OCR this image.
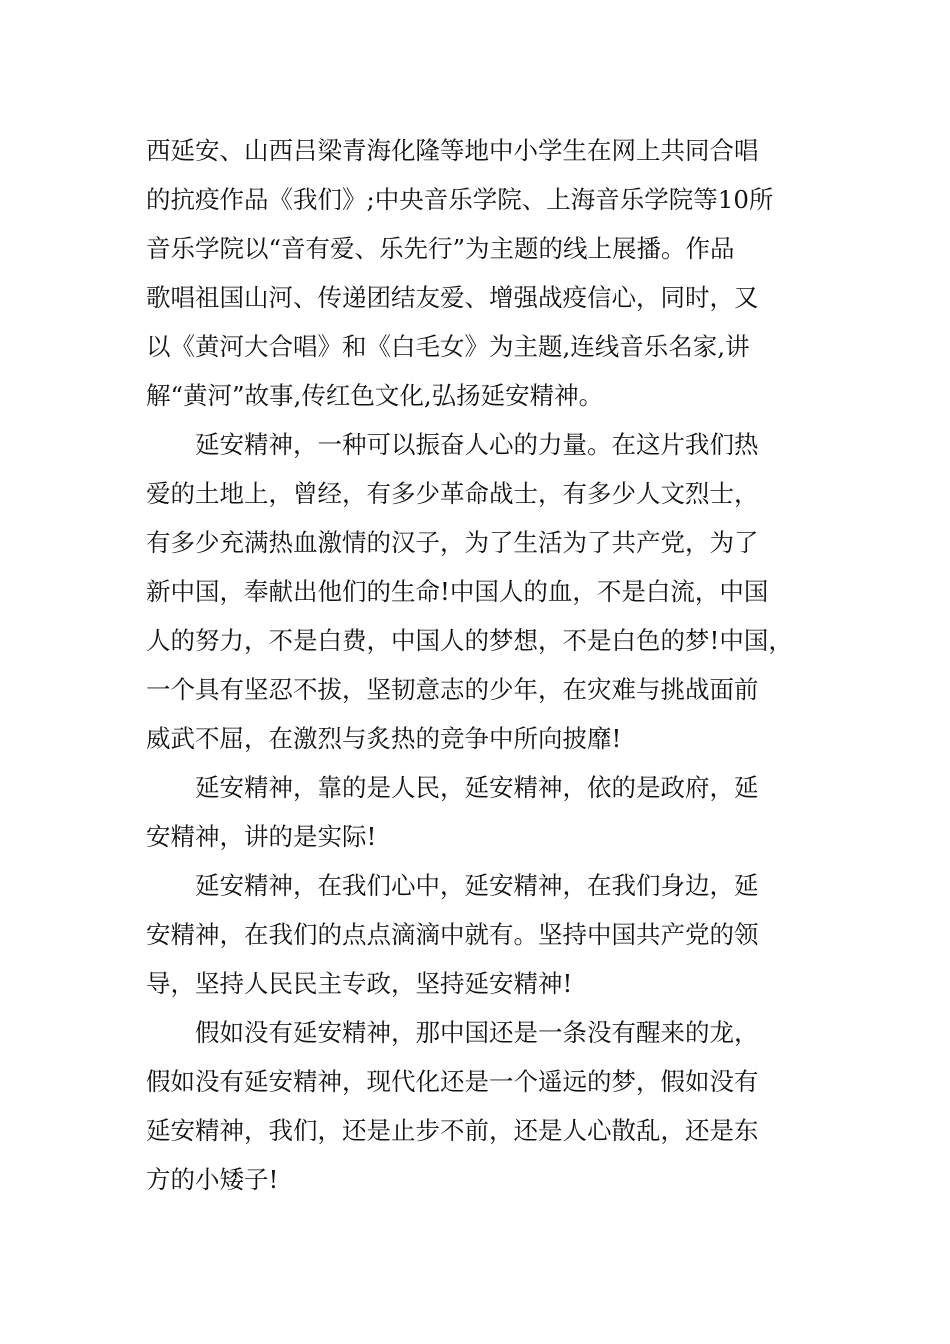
西延安、山西吕梁青海化隆等地中小学生在网上共同合唱
的抗疫作品《我们》;中央音乐学院、上海音乐学院等10所
音乐学院以“音有爱、乐先行”为主题的线上展播。作品
歌唱祖国山河、传递团结友爱、增强战疫信心，同时，又
以《黄河大合唱》和《白毛女》为主题,连线音乐名家,讲
解“黄河”故事,传红色文化,弘扬延安精神。
　　延安精神，一种可以振奋人心的力量。在这片我们热
爱的土地上，曾经，有多少革命战士，有多少人文烈士，
有多少充满热血激情的汉子，为了生活为了共产党，为了
新中国，奉献出他们的生命!中国人的血，不是白流，中国
人的努力，不是白费，中国人的梦想，不是白色的梦!中国，
一个具有坚忍不拔，坚韧意志的少年，在灾难与挑战面前
威武不屈，在激烈与炙热的竞争中所向披靡!
　　延安精神，靠的是人民，延安精神，依的是政府，延
安精神，讲的是实际!
　　延安精神，在我们心中，延安精神，在我们身边，延
安精神，在我们的点点滴滴中就有。坚持中国共产党的领
导，坚持人民民主专政，坚持延安精神!
　　假如没有延安精神，那中国还是一条没有醒来的龙，
假如没有延安精神，现代化还是一个遥远的梦，假如没有
延安精神，我们，还是止步不前，还是人心散乱，还是东
方的小矮子!
